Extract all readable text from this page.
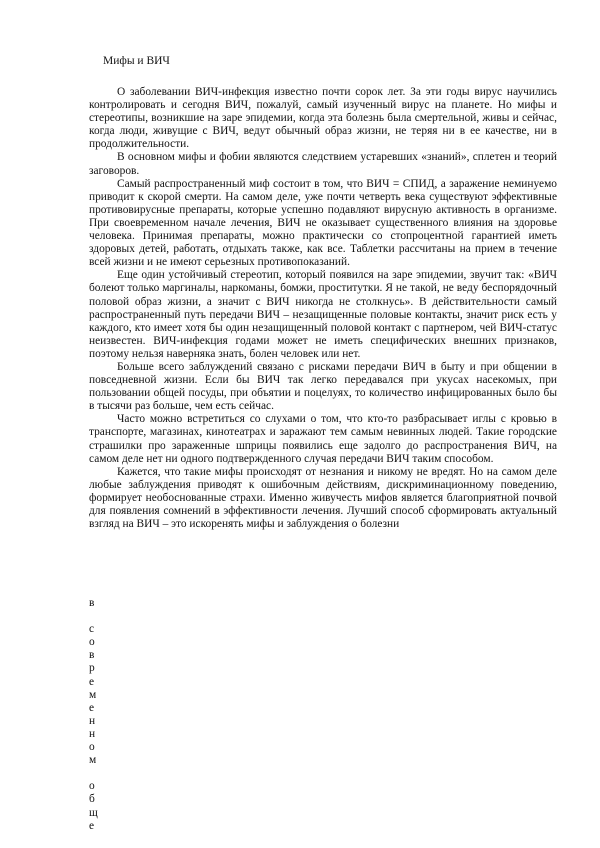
Мифы и ВИЧ

О заболевании ВИЧ-инфекция известно почти сорок лет. За эти годы вирус научились контролировать и сегодня ВИЧ, пожалуй, самый изученный вирус на планете. Но мифы и стереотипы, возникшие на заре эпидемии, когда эта болезнь была смертельной, живы и сейчас, когда люди, живущие с ВИЧ, ведут обычный образ жизни, не теряя ни в ее качестве, ни в продолжительности.

В основном мифы и фобии являются следствием устаревших «знаний», сплетен и теорий заговоров.

Самый распространенный миф состоит в том, что ВИЧ = СПИД, а заражение неминуемо приводит к скорой смерти. На самом деле, уже почти четверть века существуют эффективные противовирусные препараты, которые успешно подавляют вирусную активность в организме. При своевременном начале лечения, ВИЧ не оказывает существенного влияния на здоровье человека. Принимая препараты, можно практически со стопроцентной гарантией иметь здоровых детей, работать, отдыхать также, как все. Таблетки рассчитаны на прием в течение всей жизни и не имеют серьезных противопоказаний.

Еще один устойчивый стереотип, который появился на заре эпидемии, звучит так: «ВИЧ болеют только маргиналы, наркоманы, бомжи, проститутки. Я не такой, не веду беспорядочный половой образ жизни, а значит с ВИЧ никогда не столкнусь». В действительности самый распространенный путь передачи ВИЧ – незащищенные половые контакты, значит риск есть у каждого, кто имеет хотя бы один незащищенный половой контакт с партнером, чей ВИЧ-статус неизвестен. ВИЧ-инфекция годами может не иметь специфических внешних признаков, поэтому нельзя наверняка знать, болен человек или нет.

Больше всего заблуждений связано с рисками передачи ВИЧ в быту и при общении в повседневной жизни. Если бы ВИЧ так легко передавался при укусах насекомых, при пользовании общей посуды, при объятии и поцелуях, то количество инфицированных было бы в тысячи раз больше, чем есть сейчас.

Часто можно встретиться со слухами о том, что кто-то разбрасывает иглы с кровью в транспорте, магазинах, кинотеатрах и заражают тем самым невинных людей. Такие городские страшилки про зараженные шприцы появились еще задолго до распространения ВИЧ, на самом деле нет ни одного подтвержденного случая передачи ВИЧ таким способом.

Кажется, что такие мифы происходят от незнания и никому не вредят. Но на самом деле любые заблуждения приводят к ошибочным действиям, дискриминационному поведению, формирует необоснованные страхи. Именно живучесть мифов является благоприятной почвой для появления сомнений в эффективности лечения. Лучший способ сформировать актуальный взгляд на ВИЧ – это искоренять мифы и заблуждения о болезни

в
с
о
в
р
е
м
е
н
н
о
м
о
б
щ
е
